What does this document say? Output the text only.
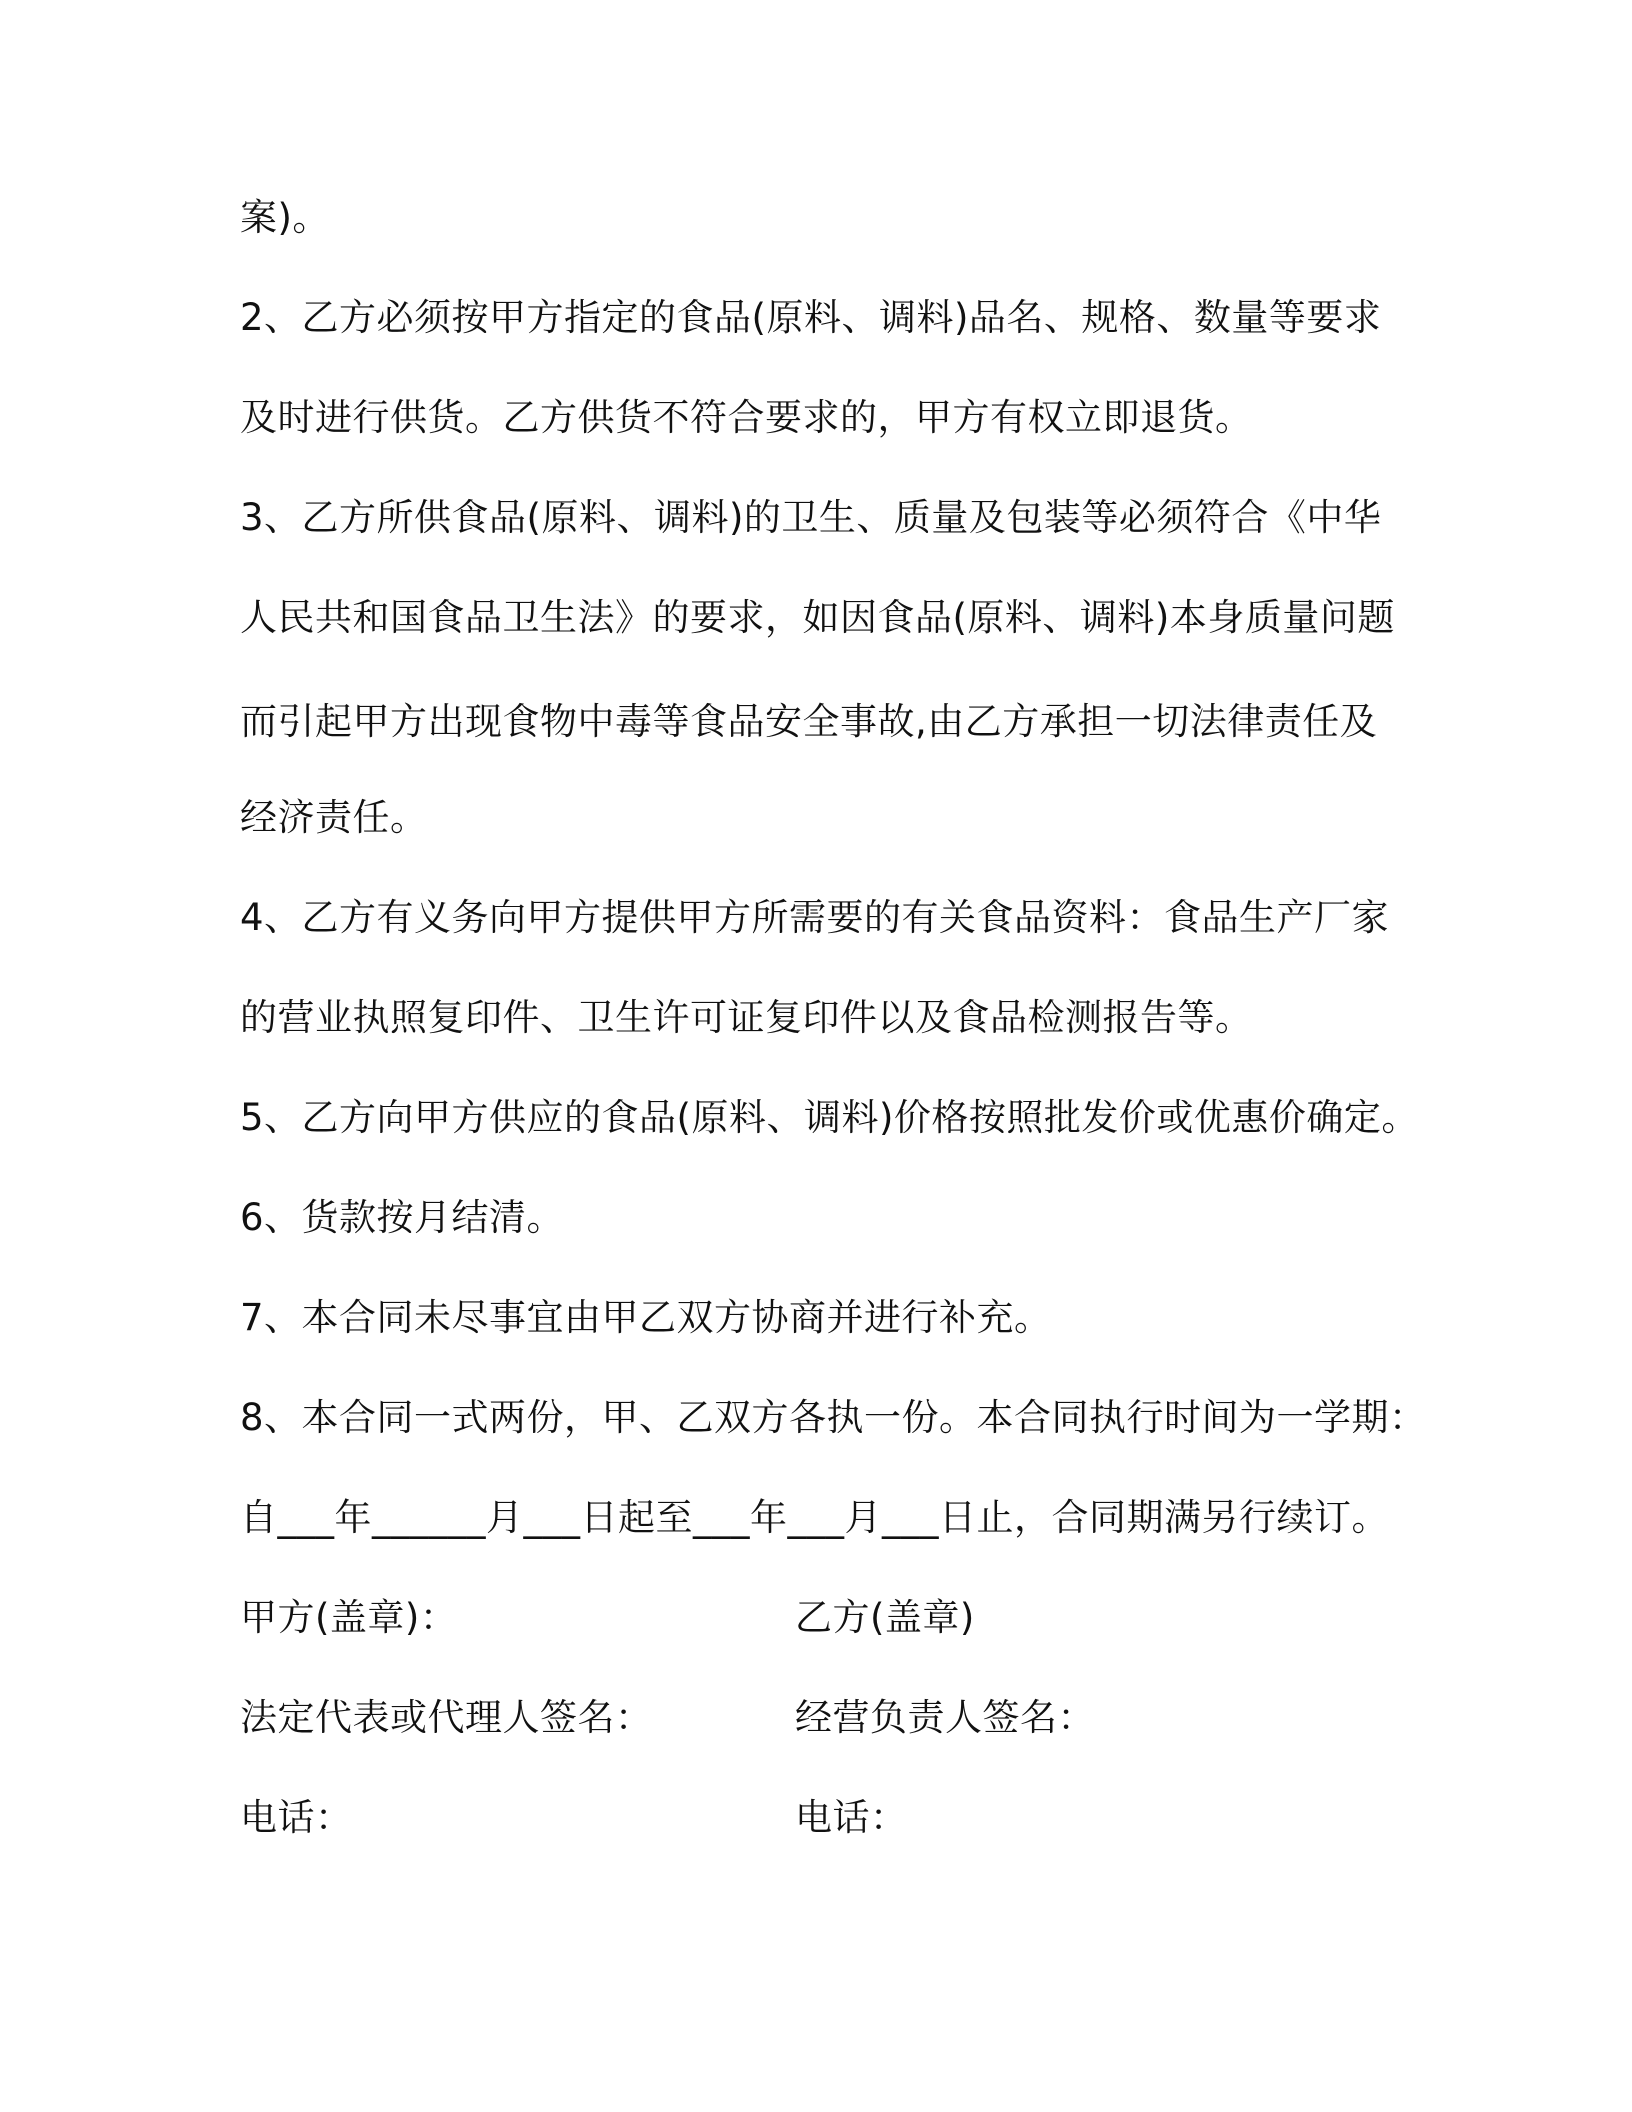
案)。
2、乙方必须按甲方指定的食品(原料、调料)品名、规格、数量等要求
及时进行供货。乙方供货不符合要求的，甲方有权立即退货。
3、乙方所供食品(原料、调料)的卫生、质量及包装等必须符合《中华
人民共和国食品卫生法》的要求，如因食品(原料、调料)本身质量问题
而引起甲方出现食物中毒等食品安全事故,由乙方承担一切法律责任及
经济责任。
4、乙方有义务向甲方提供甲方所需要的有关食品资料：食品生产厂家
的营业执照复印件、卫生许可证复印件以及食品检测报告等。
5、乙方向甲方供应的食品(原料、调料)价格按照批发价或优惠价确定。
6、货款按月结清。
7、本合同未尽事宜由甲乙双方协商并进行补充。
8、本合同一式两份，甲、乙双方各执一份。本合同执行时间为一学期：
自___年______月___日起至___年___月___日止，合同期满另行续订。
甲方(盖章)：	乙方(盖章)
法定代表或代理人签名：	经营负责人签名：
电话：	电话：
